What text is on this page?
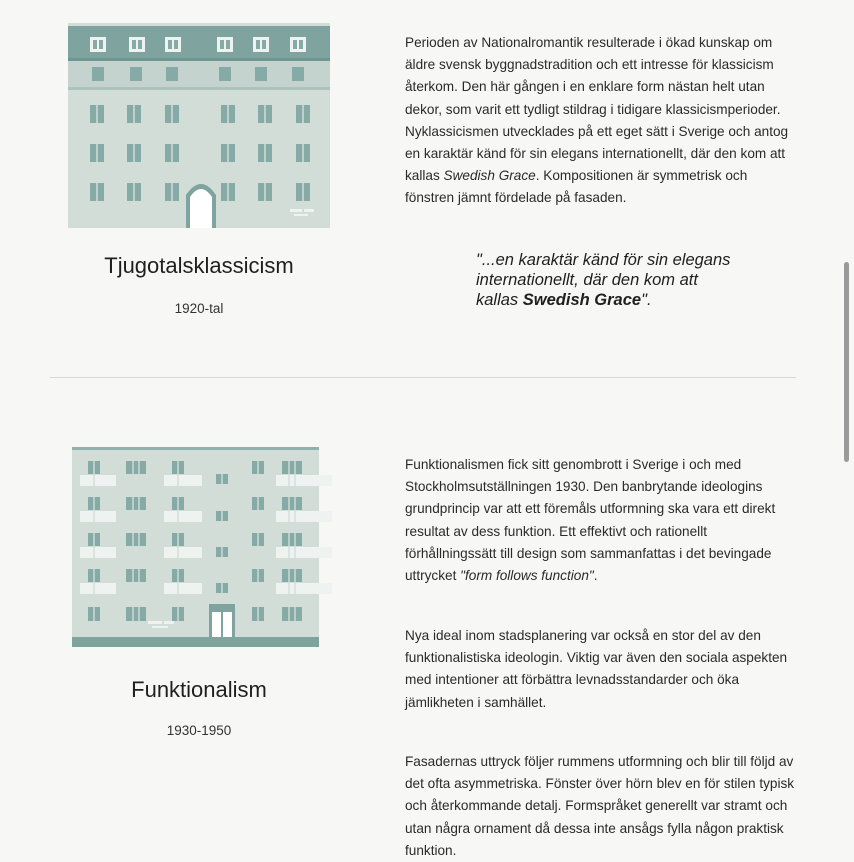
Tjugotalsklassicism
1920-tal

Perioden av Nationalromantik resulterade i ökad kunskap om äldre svensk byggnadstradition och ett intresse för klassicism återkom. Den här gången i en enklare form nästan helt utan dekor, som varit ett tydligt stildrag i tidigare klassicismperioder. Nyklassicismen utvecklades på ett eget sätt i Sverige och antog en karaktär känd för sin elegans internationellt, där den kom att kallas Swedish Grace. Kompositionen är symmetrisk och fönstren jämnt fördelade på fasaden.

"...en karaktär känd för sin elegans internationellt, där den kom att kallas Swedish Grace".

Funktionalism
1930-1950

Funktionalismen fick sitt genombrott i Sverige i och med Stockholmsutställningen 1930. Den banbrytande ideologins grundprincip var att ett föremåls utformning ska vara ett direkt resultat av dess funktion. Ett effektivt och rationellt förhållningssätt till design som sammanfattas i det bevingade uttrycket "form follows function".

Nya ideal inom stadsplanering var också en stor del av den funktionalistiska ideologin. Viktig var även den sociala aspekten med intentioner att förbättra levnadsstandarder och öka jämlikheten i samhället.

Fasadernas uttryck följer rummens utformning och blir till följd av det ofta asymmetriska. Fönster över hörn blev en för stilen typisk och återkommande detalj. Formspråket generellt var stramt och utan några ornament då dessa inte ansågs fylla någon praktisk funktion.
